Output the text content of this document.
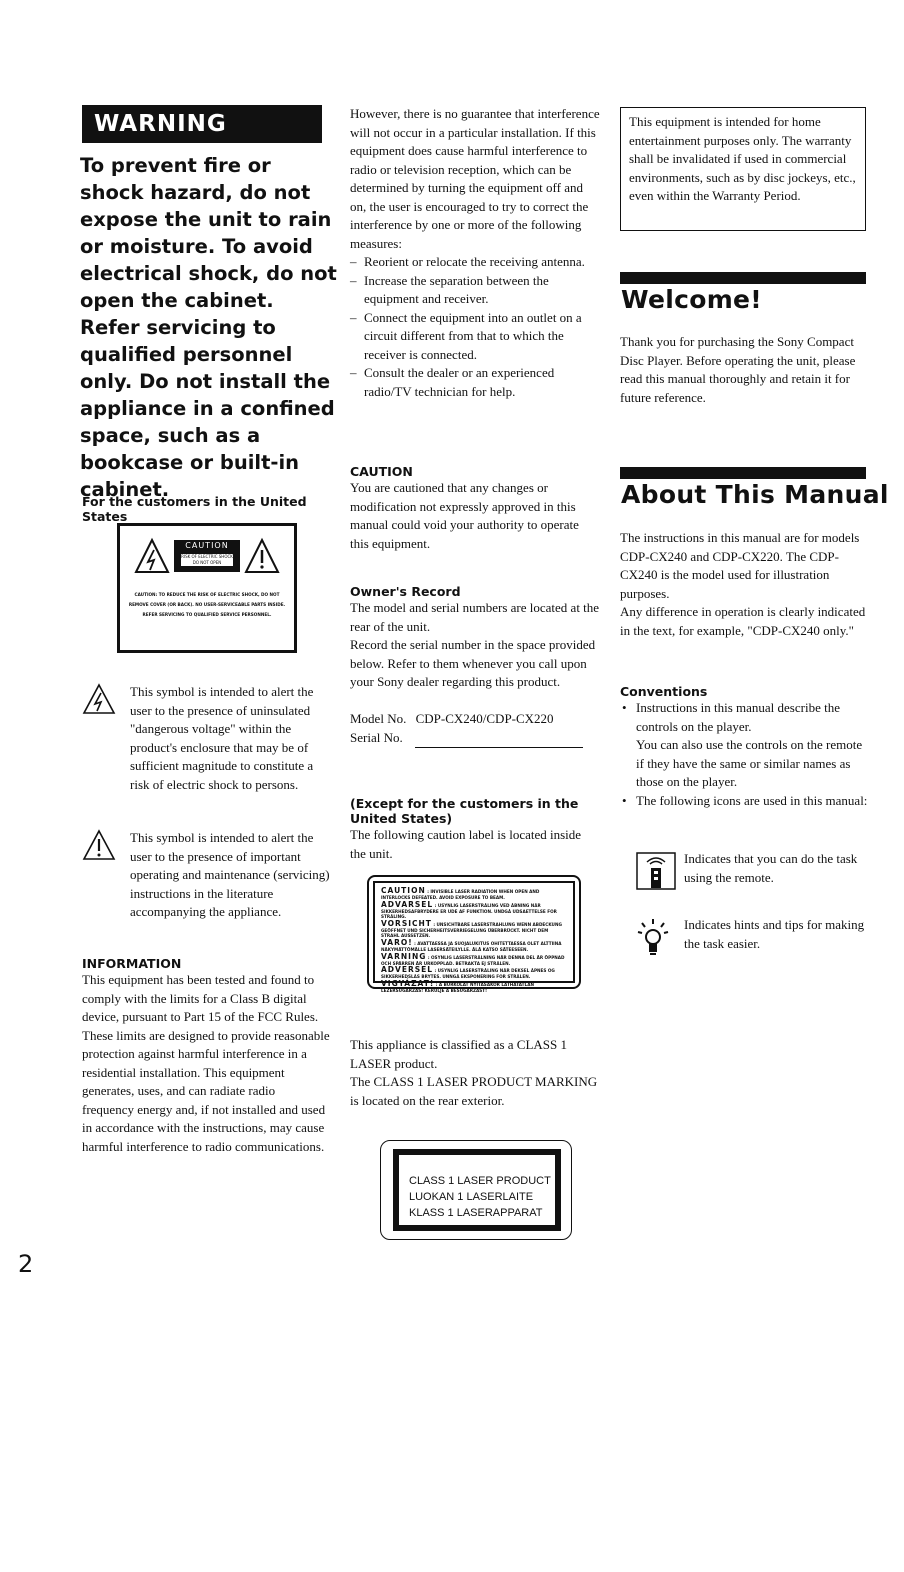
WARNING

To prevent fire or shock hazard, do not expose the unit to rain or moisture. To avoid electrical shock, do not open the cabinet. Refer servicing to qualified personnel only. Do not install the appliance in a confined space, such as a bookcase or built-in cabinet.

For the customers in the United States
CAUTION
RISK OF ELECTRIC SHOCK DO NOT OPEN
CAUTION: TO REDUCE THE RISK OF ELECTRIC SHOCK, DO NOT REMOVE COVER (OR BACK). NO USER-SERVICEABLE PARTS INSIDE. REFER SERVICING TO QUALIFIED SERVICE PERSONNEL.

This symbol is intended to alert the user to the presence of uninsulated "dangerous voltage" within the product's enclosure that may be of sufficient magnitude to constitute a risk of electric shock to persons.

This symbol is intended to alert the user to the presence of important operating and maintenance (servicing) instructions in the literature accompanying the appliance.

INFORMATION

This equipment has been tested and found to comply with the limits for a Class B digital device, pursuant to Part 15 of the FCC Rules. These limits are designed to provide reasonable protection against harmful interference in a residential installation. This equipment generates, uses, and can radiate radio frequency energy and, if not installed and used in accordance with the instructions, may cause harmful interference to radio communications.

2

However, there is no guarantee that interference will not occur in a particular installation. If this equipment does cause harmful interference to radio or television reception, which can be determined by turning the equipment off and on, the user is encouraged to try to correct the interference by one or more of the following measures:

– Reorient or relocate the receiving antenna.
– Increase the separation between the equipment and receiver.
– Connect the equipment into an outlet on a circuit different from that to which the receiver is connected.
– Consult the dealer or an experienced radio/TV technician for help.

CAUTION

You are cautioned that any changes or modification not expressly approved in this manual could void your authority to operate this equipment.

Owner's Record

The model and serial numbers are located at the rear of the unit.

Record the serial number in the space provided below. Refer to them whenever you call upon your Sony dealer regarding this product.

Model No. CDP-CX240/CDP-CX220

Serial No.

(Except for the customers in the United States)

The following caution label is located inside the unit.

CAUTION : INVISIBLE LASER RADIATION WHEN OPEN AND INTERLOCKS DEFEATED. AVOID EXPOSURE TO BEAM.
ADVARSEL : USYNLIG LASERSTRÅLING VED ÅBNING NÅR SIKKERHEDSAFBRYDERE ER UDE AF FUNKTION. UNDGÅ UDSAETTELSE FOR STRÅLING.
VORSICHT : UNSICHTBARE LASERSTRAHLUNG WENN ABDECKUNG GEÖFFNET UND SICHERHEITSVERRIEGELUNG ÜBERBRÜCKT. NICHT DEM STRAHL AUSSETZEN.
VARO! : AVATTAESSA JA SUOJALUKITUS OHITETTAESSA OLET ALTTIINA NÄKYMÄTTÖMÄLLE LASERSÄTEILYLLE. ÄLÄ KATSO SÄTEESEEN.
VARNING : OSYNLIG LASERSTRÅLNING NÄR DENNA DEL ÄR ÖPPNAD OCH SPÄRREN ÄR URKOPPLAD. BETRAKTA EJ STRÅLEN.
ADVERSEL : USYNLIG LASERSTRÅLING NÅR DEKSEL ÅPNES OG SIKKERHEDSLÅS BRYTES. UNNGÅ EKSPONERING FOR STRÅLEN.
VIGYÁZAT! : A BURKOLAT NYITÁSAKOR LÁTHATATLAN LÉZERSUGÁRZÁS! KERÜLJE A BESUGÁRZÁST!

This appliance is classified as a CLASS 1 LASER product.

The CLASS 1 LASER PRODUCT MARKING is located on the rear exterior.

CLASS 1 LASER PRODUCT
LUOKAN 1 LASERLAITE
KLASS 1 LASERAPPARAT
This equipment is intended for home entertainment purposes only. The warranty shall be invalidated if used in commercial environments, such as by disc jockeys, etc., even within the Warranty Period.
Welcome!

Thank you for purchasing the Sony Compact Disc Player. Before operating the unit, please read this manual thoroughly and retain it for future reference.

About This Manual

The instructions in this manual are for models CDP-CX240 and CDP-CX220. The CDP-CX240 is the model used for illustration purposes.

Any difference in operation is clearly indicated in the text, for example, "CDP-CX240 only."

Conventions

• Instructions in this manual describe the controls on the player.
You can also use the controls on the remote if they have the same or similar names as those on the player.
• The following icons are used in this manual:

Indicates that you can do the task using the remote.

Indicates hints and tips for making the task easier.
